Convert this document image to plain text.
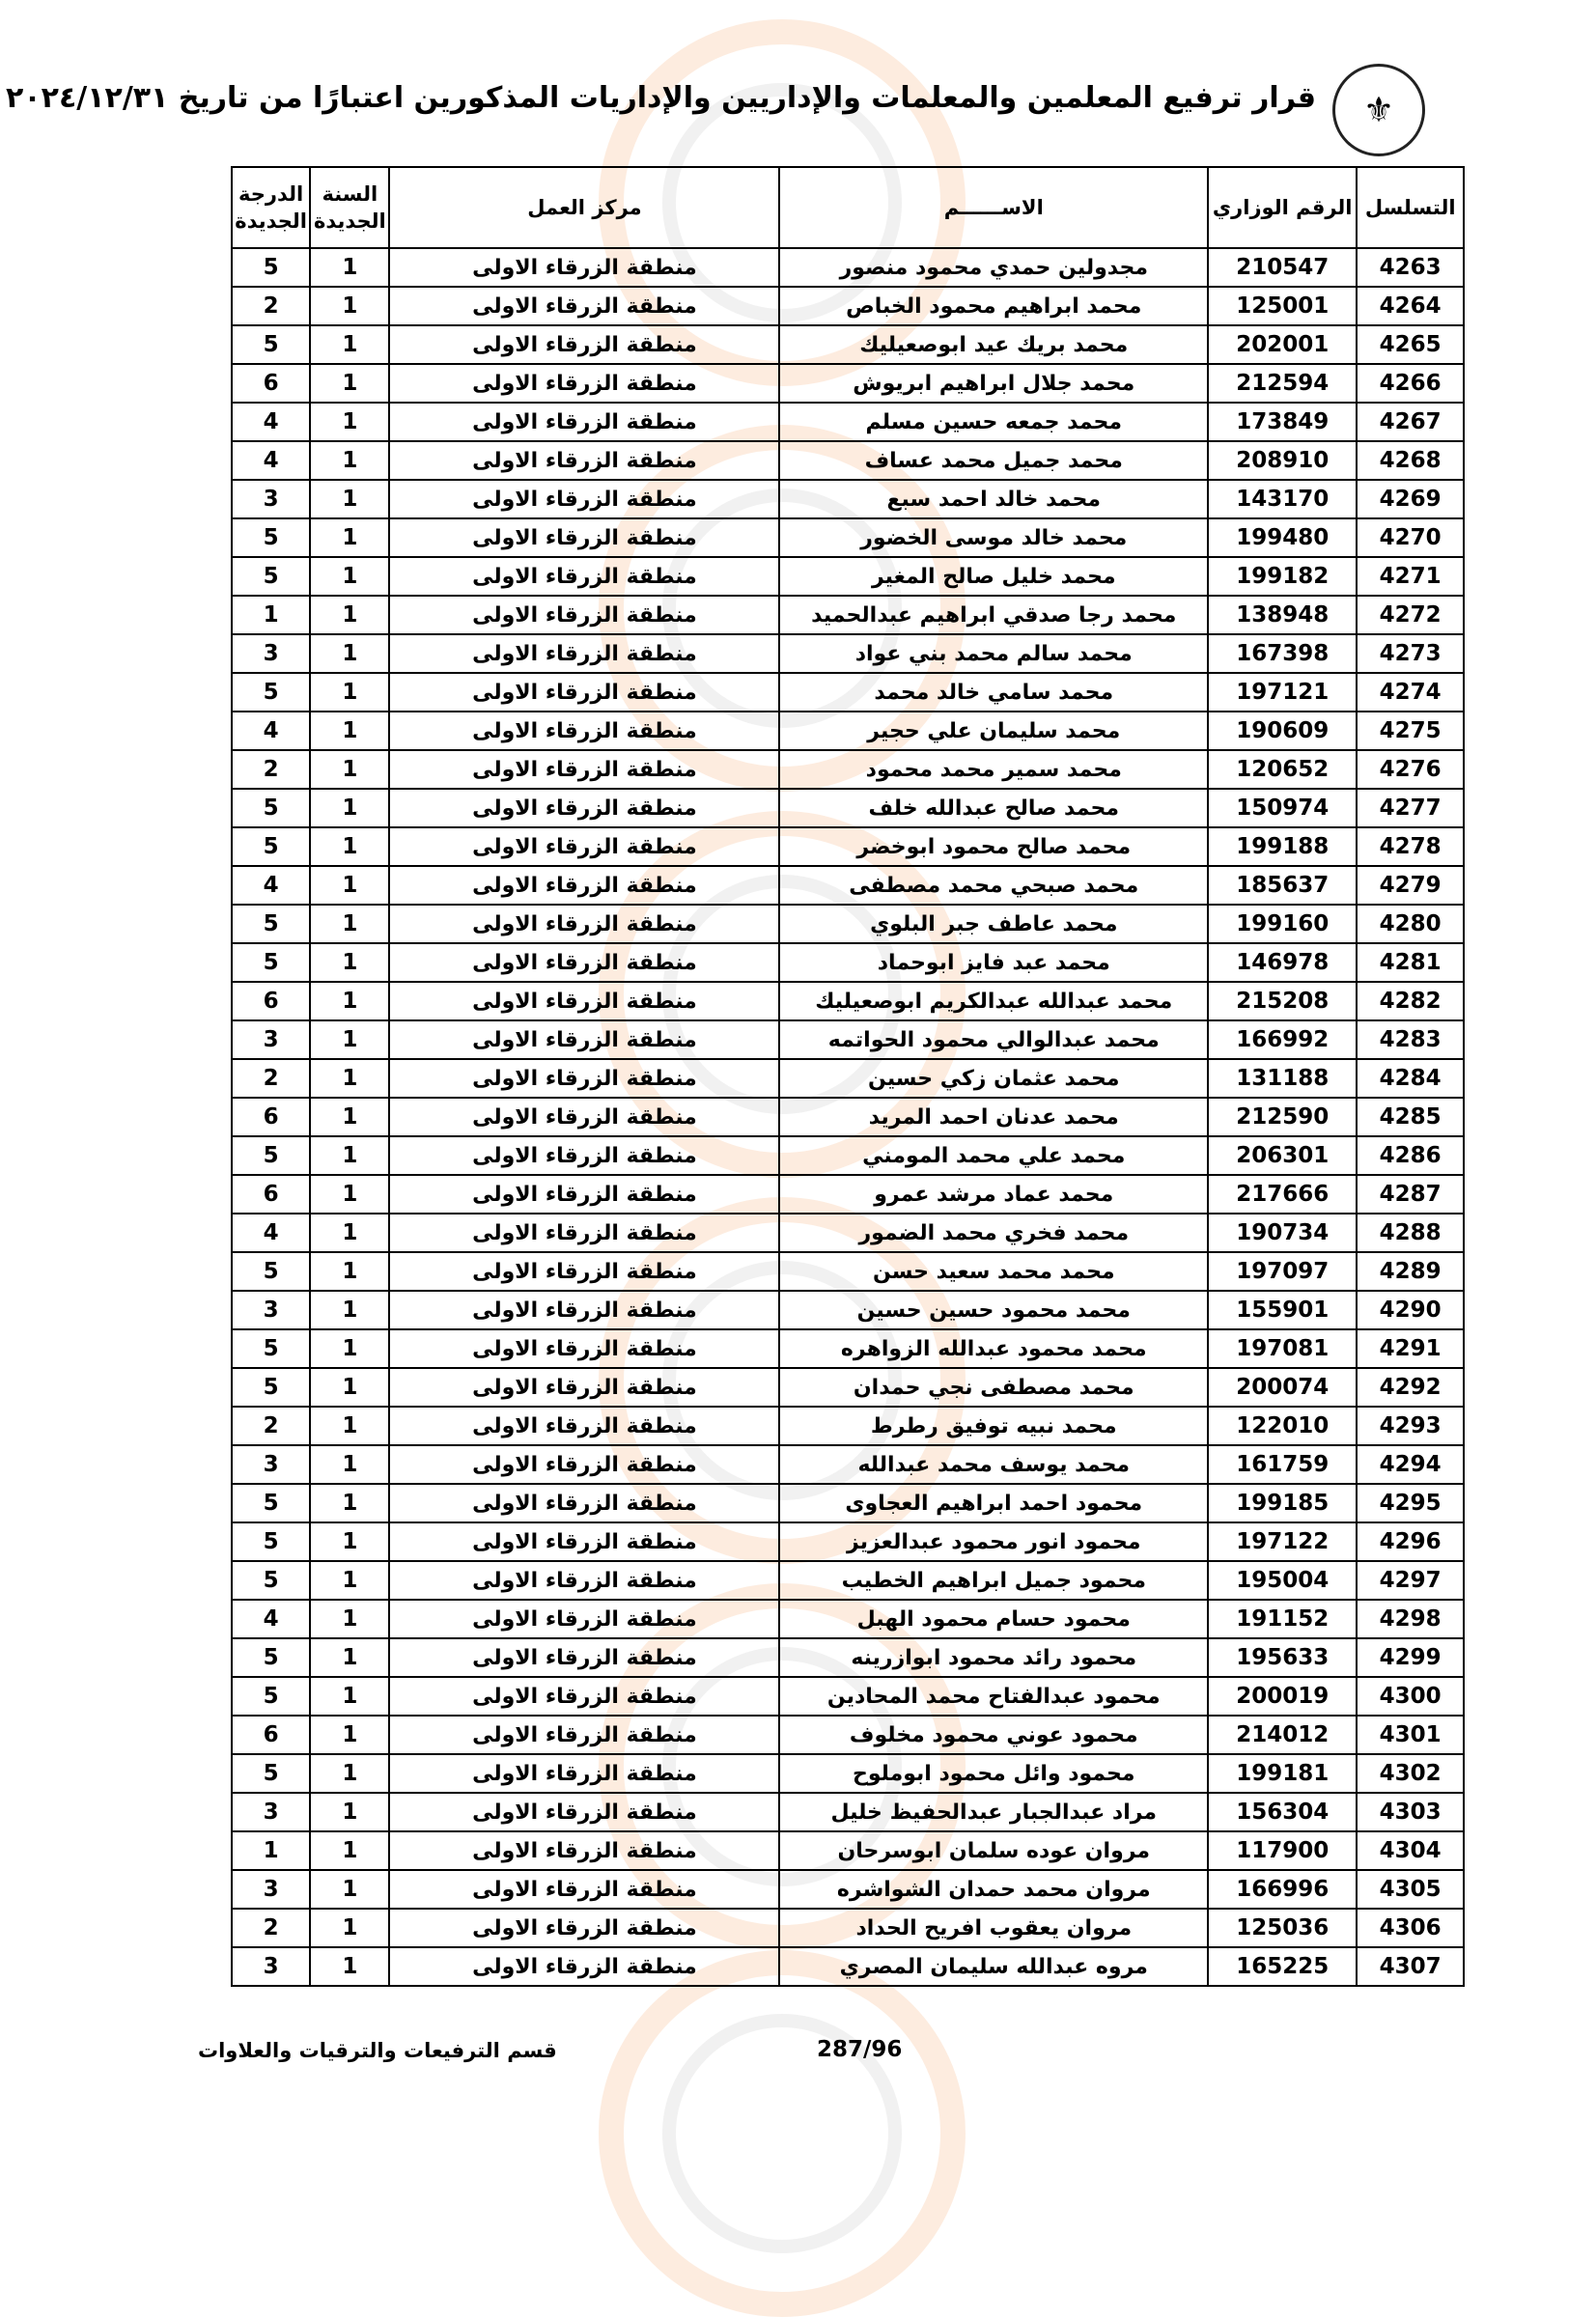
⚜
قرار ترفيع المعلمين والمعلمات والإداريين والإداريات المذكورين اعتبارًا من تاريخ ٢٠٢٤/١٢/٣١
التسلسل	الرقم الوزاري	الاســــــم	مركز العمل	السنة الجديدة	الدرجة الجديدة
4263	210547	مجدولين حمدي محمود منصور	منطقة الزرقاء الاولى	1	5
4264	125001	محمد ابراهيم محمود الخباص	منطقة الزرقاء الاولى	1	2
4265	202001	محمد بريك عيد ابوصعيليك	منطقة الزرقاء الاولى	1	5
4266	212594	محمد جلال ابراهيم ابريوش	منطقة الزرقاء الاولى	1	6
4267	173849	محمد جمعه حسين مسلم	منطقة الزرقاء الاولى	1	4
4268	208910	محمد جميل محمد عساف	منطقة الزرقاء الاولى	1	4
4269	143170	محمد خالد احمد سبع	منطقة الزرقاء الاولى	1	3
4270	199480	محمد خالد موسى الخضور	منطقة الزرقاء الاولى	1	5
4271	199182	محمد خليل صالح المغير	منطقة الزرقاء الاولى	1	5
4272	138948	محمد رجا صدقي ابراهيم عبدالحميد	منطقة الزرقاء الاولى	1	1
4273	167398	محمد سالم محمد بني عواد	منطقة الزرقاء الاولى	1	3
4274	197121	محمد سامي خالد محمد	منطقة الزرقاء الاولى	1	5
4275	190609	محمد سليمان علي حجير	منطقة الزرقاء الاولى	1	4
4276	120652	محمد سمير محمد محمود	منطقة الزرقاء الاولى	1	2
4277	150974	محمد صالح عبدالله خلف	منطقة الزرقاء الاولى	1	5
4278	199188	محمد صالح محمود ابوخضر	منطقة الزرقاء الاولى	1	5
4279	185637	محمد صبحي محمد مصطفى	منطقة الزرقاء الاولى	1	4
4280	199160	محمد عاطف جبر البلوي	منطقة الزرقاء الاولى	1	5
4281	146978	محمد عبد فايز ابوحماد	منطقة الزرقاء الاولى	1	5
4282	215208	محمد عبدالله عبدالكريم ابوصعيليك	منطقة الزرقاء الاولى	1	6
4283	166992	محمد عبدالوالي محمود الحواتمه	منطقة الزرقاء الاولى	1	3
4284	131188	محمد عثمان زكي حسين	منطقة الزرقاء الاولى	1	2
4285	212590	محمد عدنان احمد المريد	منطقة الزرقاء الاولى	1	6
4286	206301	محمد علي محمد المومني	منطقة الزرقاء الاولى	1	5
4287	217666	محمد عماد مرشد عمرو	منطقة الزرقاء الاولى	1	6
4288	190734	محمد فخري محمد الضمور	منطقة الزرقاء الاولى	1	4
4289	197097	محمد محمد سعيد حسن	منطقة الزرقاء الاولى	1	5
4290	155901	محمد محمود حسين حسين	منطقة الزرقاء الاولى	1	3
4291	197081	محمد محمود عبدالله الزواهره	منطقة الزرقاء الاولى	1	5
4292	200074	محمد مصطفى نجي حمدان	منطقة الزرقاء الاولى	1	5
4293	122010	محمد نبيه توفيق رطرط	منطقة الزرقاء الاولى	1	2
4294	161759	محمد يوسف محمد عبدالله	منطقة الزرقاء الاولى	1	3
4295	199185	محمود احمد ابراهيم العجاوى	منطقة الزرقاء الاولى	1	5
4296	197122	محمود انور محمود عبدالعزيز	منطقة الزرقاء الاولى	1	5
4297	195004	محمود جميل ابراهيم الخطيب	منطقة الزرقاء الاولى	1	5
4298	191152	محمود حسام محمود الهبل	منطقة الزرقاء الاولى	1	4
4299	195633	محمود رائد محمود ابوازرينه	منطقة الزرقاء الاولى	1	5
4300	200019	محمود عبدالفتاح محمد المحادين	منطقة الزرقاء الاولى	1	5
4301	214012	محمود عوني محمود مخلوف	منطقة الزرقاء الاولى	1	6
4302	199181	محمود وائل محمود ابوملوح	منطقة الزرقاء الاولى	1	5
4303	156304	مراد عبدالجبار عبدالحفيظ خليل	منطقة الزرقاء الاولى	1	3
4304	117900	مروان عوده سلمان ابوسرحان	منطقة الزرقاء الاولى	1	1
4305	166996	مروان محمد حمدان الشواشره	منطقة الزرقاء الاولى	1	3
4306	125036	مروان يعقوب افريح الحداد	منطقة الزرقاء الاولى	1	2
4307	165225	مروه عبدالله سليمان المصري	منطقة الزرقاء الاولى	1	3
287/96
قسم الترفيعات والترقيات والعلاوات
